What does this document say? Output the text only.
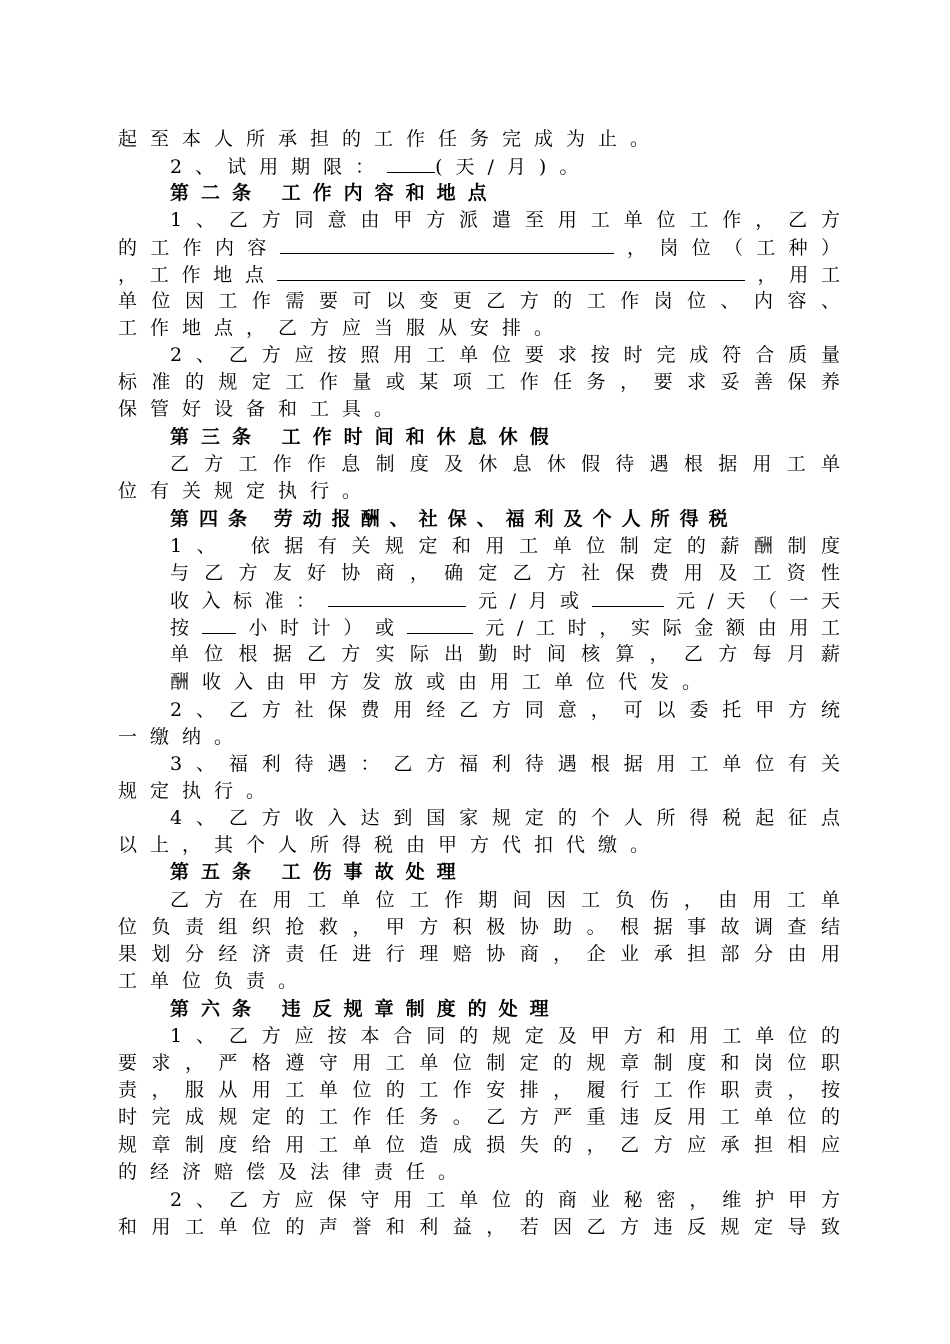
起至本人所承担的工作任务完成为止。
2、试用期限：	(天/月)。
第二条 工作内容和地点
1、乙方同意由甲方派遣至用工单位工作，乙方
的工作内容	，岗位（工种）
，工作地点	，用工
单位因工作需要可以变更乙方的工作岗位、内容、
工作地点，乙方应当服从安排。
2、乙方应按照用工单位要求按时完成符合质量
标准的规定工作量或某项工作任务，要求妥善保养
保管好设备和工具。
第三条 工作时间和休息休假
乙方工作作息制度及休息休假待遇根据用工单
位有关规定执行。
第四条 劳动报酬、社保、福利及个人所得税
1、 依据有关规定和用工单位制定的薪酬制度
与乙方友好协商，确定乙方社保费用及工资性
收入标准：	元/月或	元/天（一天
按 小时计）或	元/工时，实际金额由用工
单位根据乙方实际出勤时间核算，乙方每月薪
酬收入由甲方发放或由用工单位代发。
2、乙方社保费用经乙方同意，可以委托甲方统
一缴纳。
3、福利待遇：乙方福利待遇根据用工单位有关
规定执行。
4、乙方收入达到国家规定的个人所得税起征点
以上，其个人所得税由甲方代扣代缴。
第五条 工伤事故处理
乙方在用工单位工作期间因工负伤，由用工单
位负责组织抢救，甲方积极协助。根据事故调查结
果划分经济责任进行理赔协商，企业承担部分由用
工单位负责。
第六条 违反规章制度的处理
1、乙方应按本合同的规定及甲方和用工单位的
要求，严格遵守用工单位制定的规章制度和岗位职
责，服从用工单位的工作安排，履行工作职责，按
时完成规定的工作任务。乙方严重违反用工单位的
规章制度给用工单位造成损失的，乙方应承担相应
的经济赔偿及法律责任。
2、乙方应保守用工单位的商业秘密，维护甲方
和用工单位的声誉和利益，若因乙方违反规定导致
